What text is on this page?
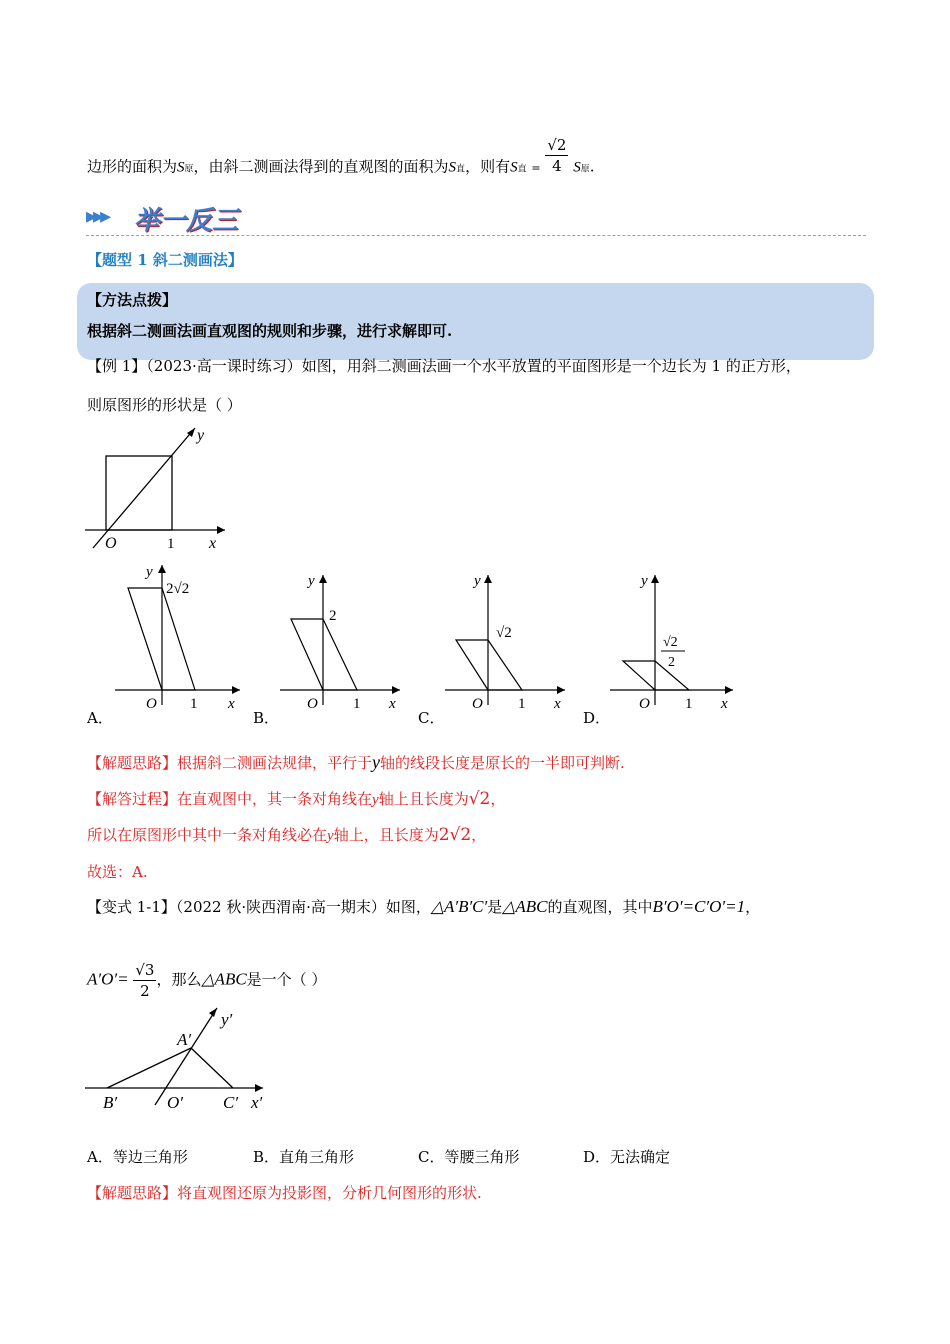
边形的面积为S原，由斜二测画法得到的直观图的面积为S直，则有S直 = $\frac{√2}{4}$ S原.
▸▸▸ 举一反三
【题型 1 斜二测画法】
【方法点拨】
根据斜二测画法画直观图的规则和步骤，进行求解即可.
【例 1】（2023·高一课时练习）如图，用斜二测画法画一个水平放置的平面图形是一个边长为 1 的正方形，
则原图形的形状是（ ）
y
x
O	1
y
2√2
x
O 1
A．
y
2
x
O 1
B．
y
√2
x
O 1
C．
y
√2
2
x
O 1
D．
【解题思路】根据斜二测画法规律，平行于y轴的线段长度是原长的一半即可判断.
【解答过程】在直观图中，其一条对角线在y轴上且长度为√2，
所以在原图形中其中一条对角线必在y轴上，且长度为2√2，
故选：A.
【变式 1-1】（2022 秋·陕西渭南·高一期末）如图，△A′B′C′是△ABC的直观图，其中B′O′=C′O′=1，
$A'O'= \frac{√3}{2}$ ，那么△ABC是一个（ ）
A′
y′
B′	O′ C′ x′
A．等边三角形	B．直角三角形	C．等腰三角形	D．无法确定
【解题思路】将直观图还原为投影图，分析几何图形的形状.
